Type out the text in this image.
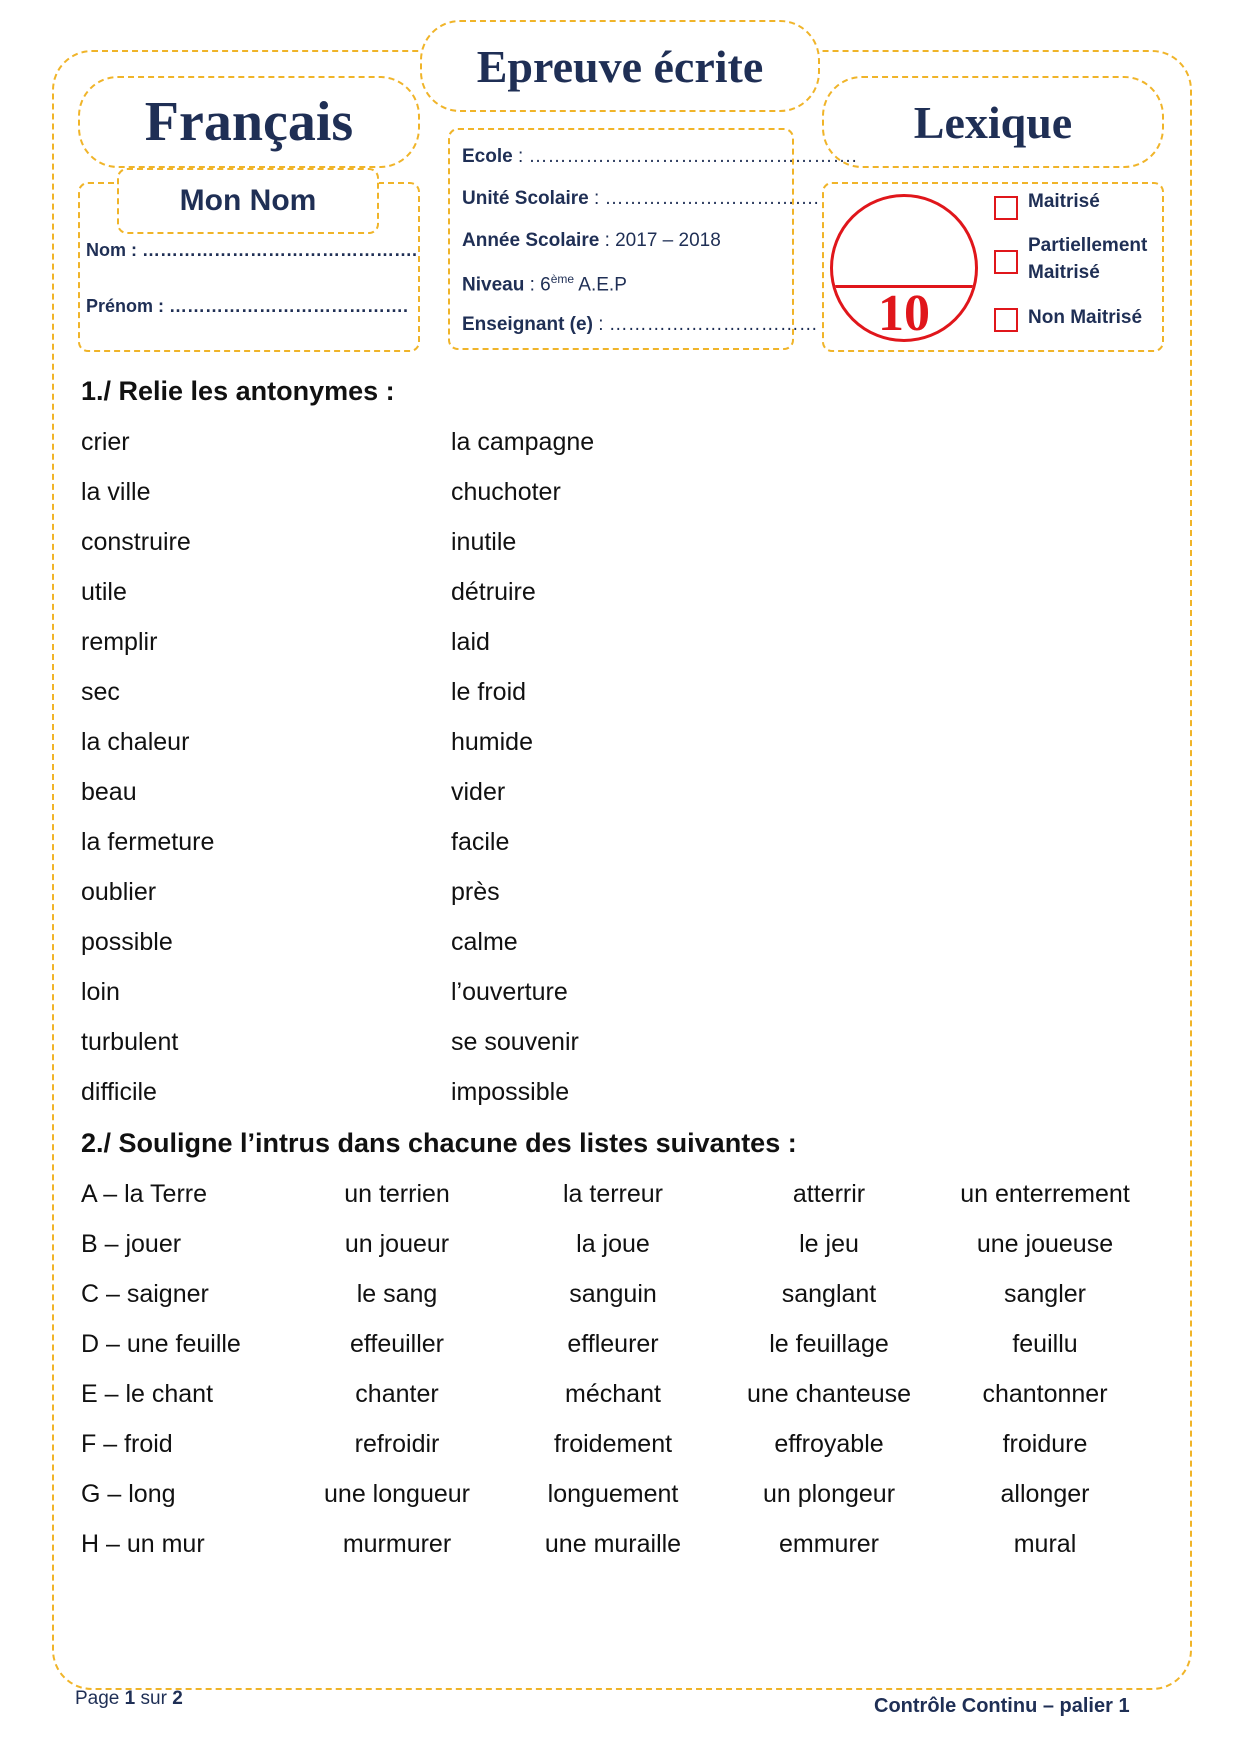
Français
Epreuve écrite
Lexique
Mon Nom
Nom : ……………………………………….
Prénom : ………………………………….
Ecole : …………………………………………….
Unité Scolaire : …………………………….
Année Scolaire : 2017 – 2018
Niveau : 6ème A.E.P
Enseignant (e) : ……………………………	10
Maitrisé
Partiellement Maitrisé
Non Maitrisé
1./ Relie les antonymes :
crier	la campagne
la ville	chuchoter
construire	inutile
utile	détruire
remplir	laid
sec	le froid
la chaleur	humide
beau	vider
la fermeture	facile
oublier	près
possible	calme
loin	l’ouverture
turbulent	se souvenir
difficile	impossible
2./ Souligne l’intrus dans chacune des listes suivantes :
A – la Terre	un terrien	la terreur	atterrir	un enterrement
B – jouer	un joueur	la joue	le jeu	une joueuse
C – saigner	le sang	sanguin	sanglant	sangler
D – une feuille	effeuiller	effleurer	le feuillage	feuillu
E – le chant	chanter	méchant	une chanteuse	chantonner
F – froid	refroidir	froidement	effroyable	froidure
G – long	une longueur	longuement	un plongeur	allonger
H – un mur	murmurer	une muraille	emmurer	mural
Page 1 sur 2	Contrôle Continu – palier 1
